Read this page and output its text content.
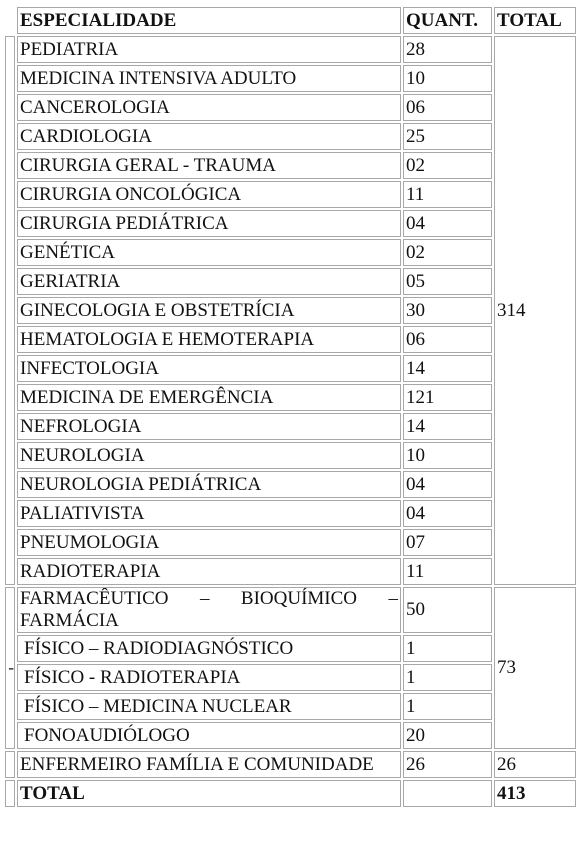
	ESPECIALIDADE	QUANT.	TOTAL
	PEDIATRIA	28	314
	MEDICINA INTENSIVA ADULTO	10	
	CANCEROLOGIA	06	
	CARDIOLOGIA	25	
	CIRURGIA GERAL - TRAUMA	02	
	CIRURGIA ONCOLÓGICA	11	
	CIRURGIA PEDIÁTRICA	04	
	GENÉTICA	02	
	GERIATRIA	05	
	GINECOLOGIA E OBSTETRÍCIA	30	
	HEMATOLOGIA E HEMOTERAPIA	06	
	INFECTOLOGIA	14	
	MEDICINA DE EMERGÊNCIA	121	
	NEFROLOGIA	14	
	NEUROLOGIA	10	
	NEUROLOGIA PEDIÁTRICA	04	
	PALIATIVISTA	04	
	PNEUMOLOGIA	07	
	RADIOTERAPIA	11	
-	FARMACÊUTICO – BIOQUÍMICO – FARMÁCIA	50	73
	FÍSICO – RADIODIAGNÓSTICO	1	
	FÍSICO - RADIOTERAPIA	1	
	FÍSICO – MEDICINA NUCLEAR	1	
	FONOAUDIÓLOGO	20	
	ENFERMEIRO FAMÍLIA E COMUNIDADE	26	26
	TOTAL		413
